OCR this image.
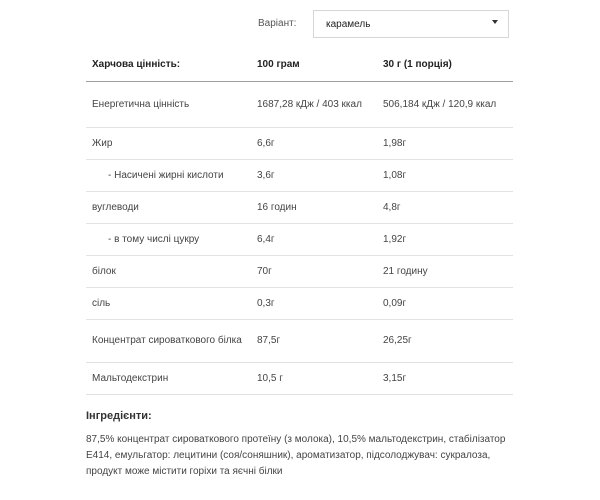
Варіант:	карамель
Харчова цінність:	100 грам	30 г (1 порція)
Енергетична цінність	1687,28 кДж / 403 ккал	506,184 кДж / 120,9 ккал
Жир	6,6г	1,98г
- Насичені жирні кислоти	3,6г	1,08г
вуглеводи	16 годин	4,8г
- в тому числі цукру	6,4г	1,92г
білок	70г	21 годину
сіль	0,3г	0,09г
Концентрат сироваткового білка	87,5г	26,25г
Мальтодекстрин	10,5 г	3,15г
Інгредієнти:
87,5% концентрат сироваткового протеїну (з молока), 10,5% мальтодекстрин, стабілізатор Е414, емульгатор: лецитини (соя/соняшник), ароматизатор, підсолоджувач: сукралоза, продукт може містити горіхи та яєчні білки
